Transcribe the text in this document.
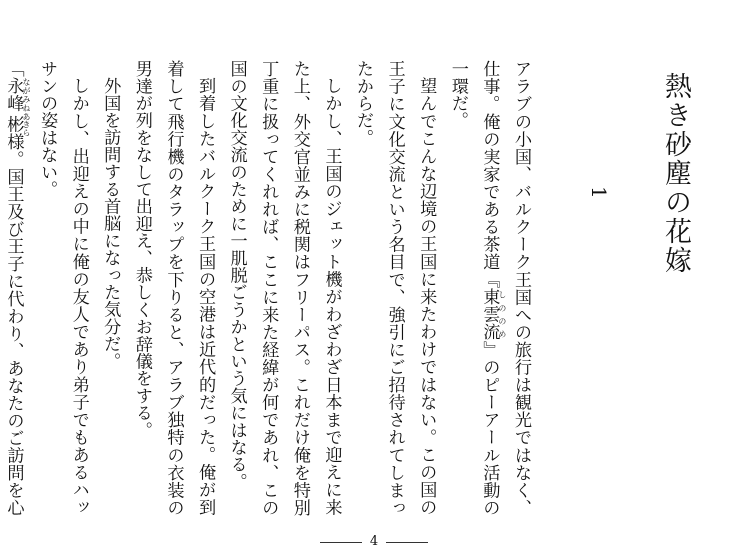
熱き砂塵の花嫁
1

アラブの小国、バルクーク王国への旅行は観光ではなく、仕事。俺の実家である茶道『東雲流しののめ』のピーアール活動の一環だ。

望んでこんな辺境の王国に来たわけではない。この国の王子に文化交流という名目で、強引にご招待されてしまったからだ。

しかし、王国のジェット機がわざわざ日本まで迎えに来た上、外交官並みに税関はフリーパス。これだけ俺を特別丁重に扱ってくれれば、ここに来た経緯が何であれ、この国の文化交流のために一肌脱ごうかという気にはなる。

到着したバルクーク王国の空港は近代的だった。俺が到着して飛行機のタラップを下りると、アラブ独特の衣装の男達が列をなして出迎え、恭しくお辞儀をする。

外国を訪問する首脳になった気分だ。

しかし、出迎えの中に俺の友人であり弟子でもあるハッサンの姿はない。

「永峰ながみね彬あきら様。国王及び王子に代わり、あなたのご訪問を心

4
